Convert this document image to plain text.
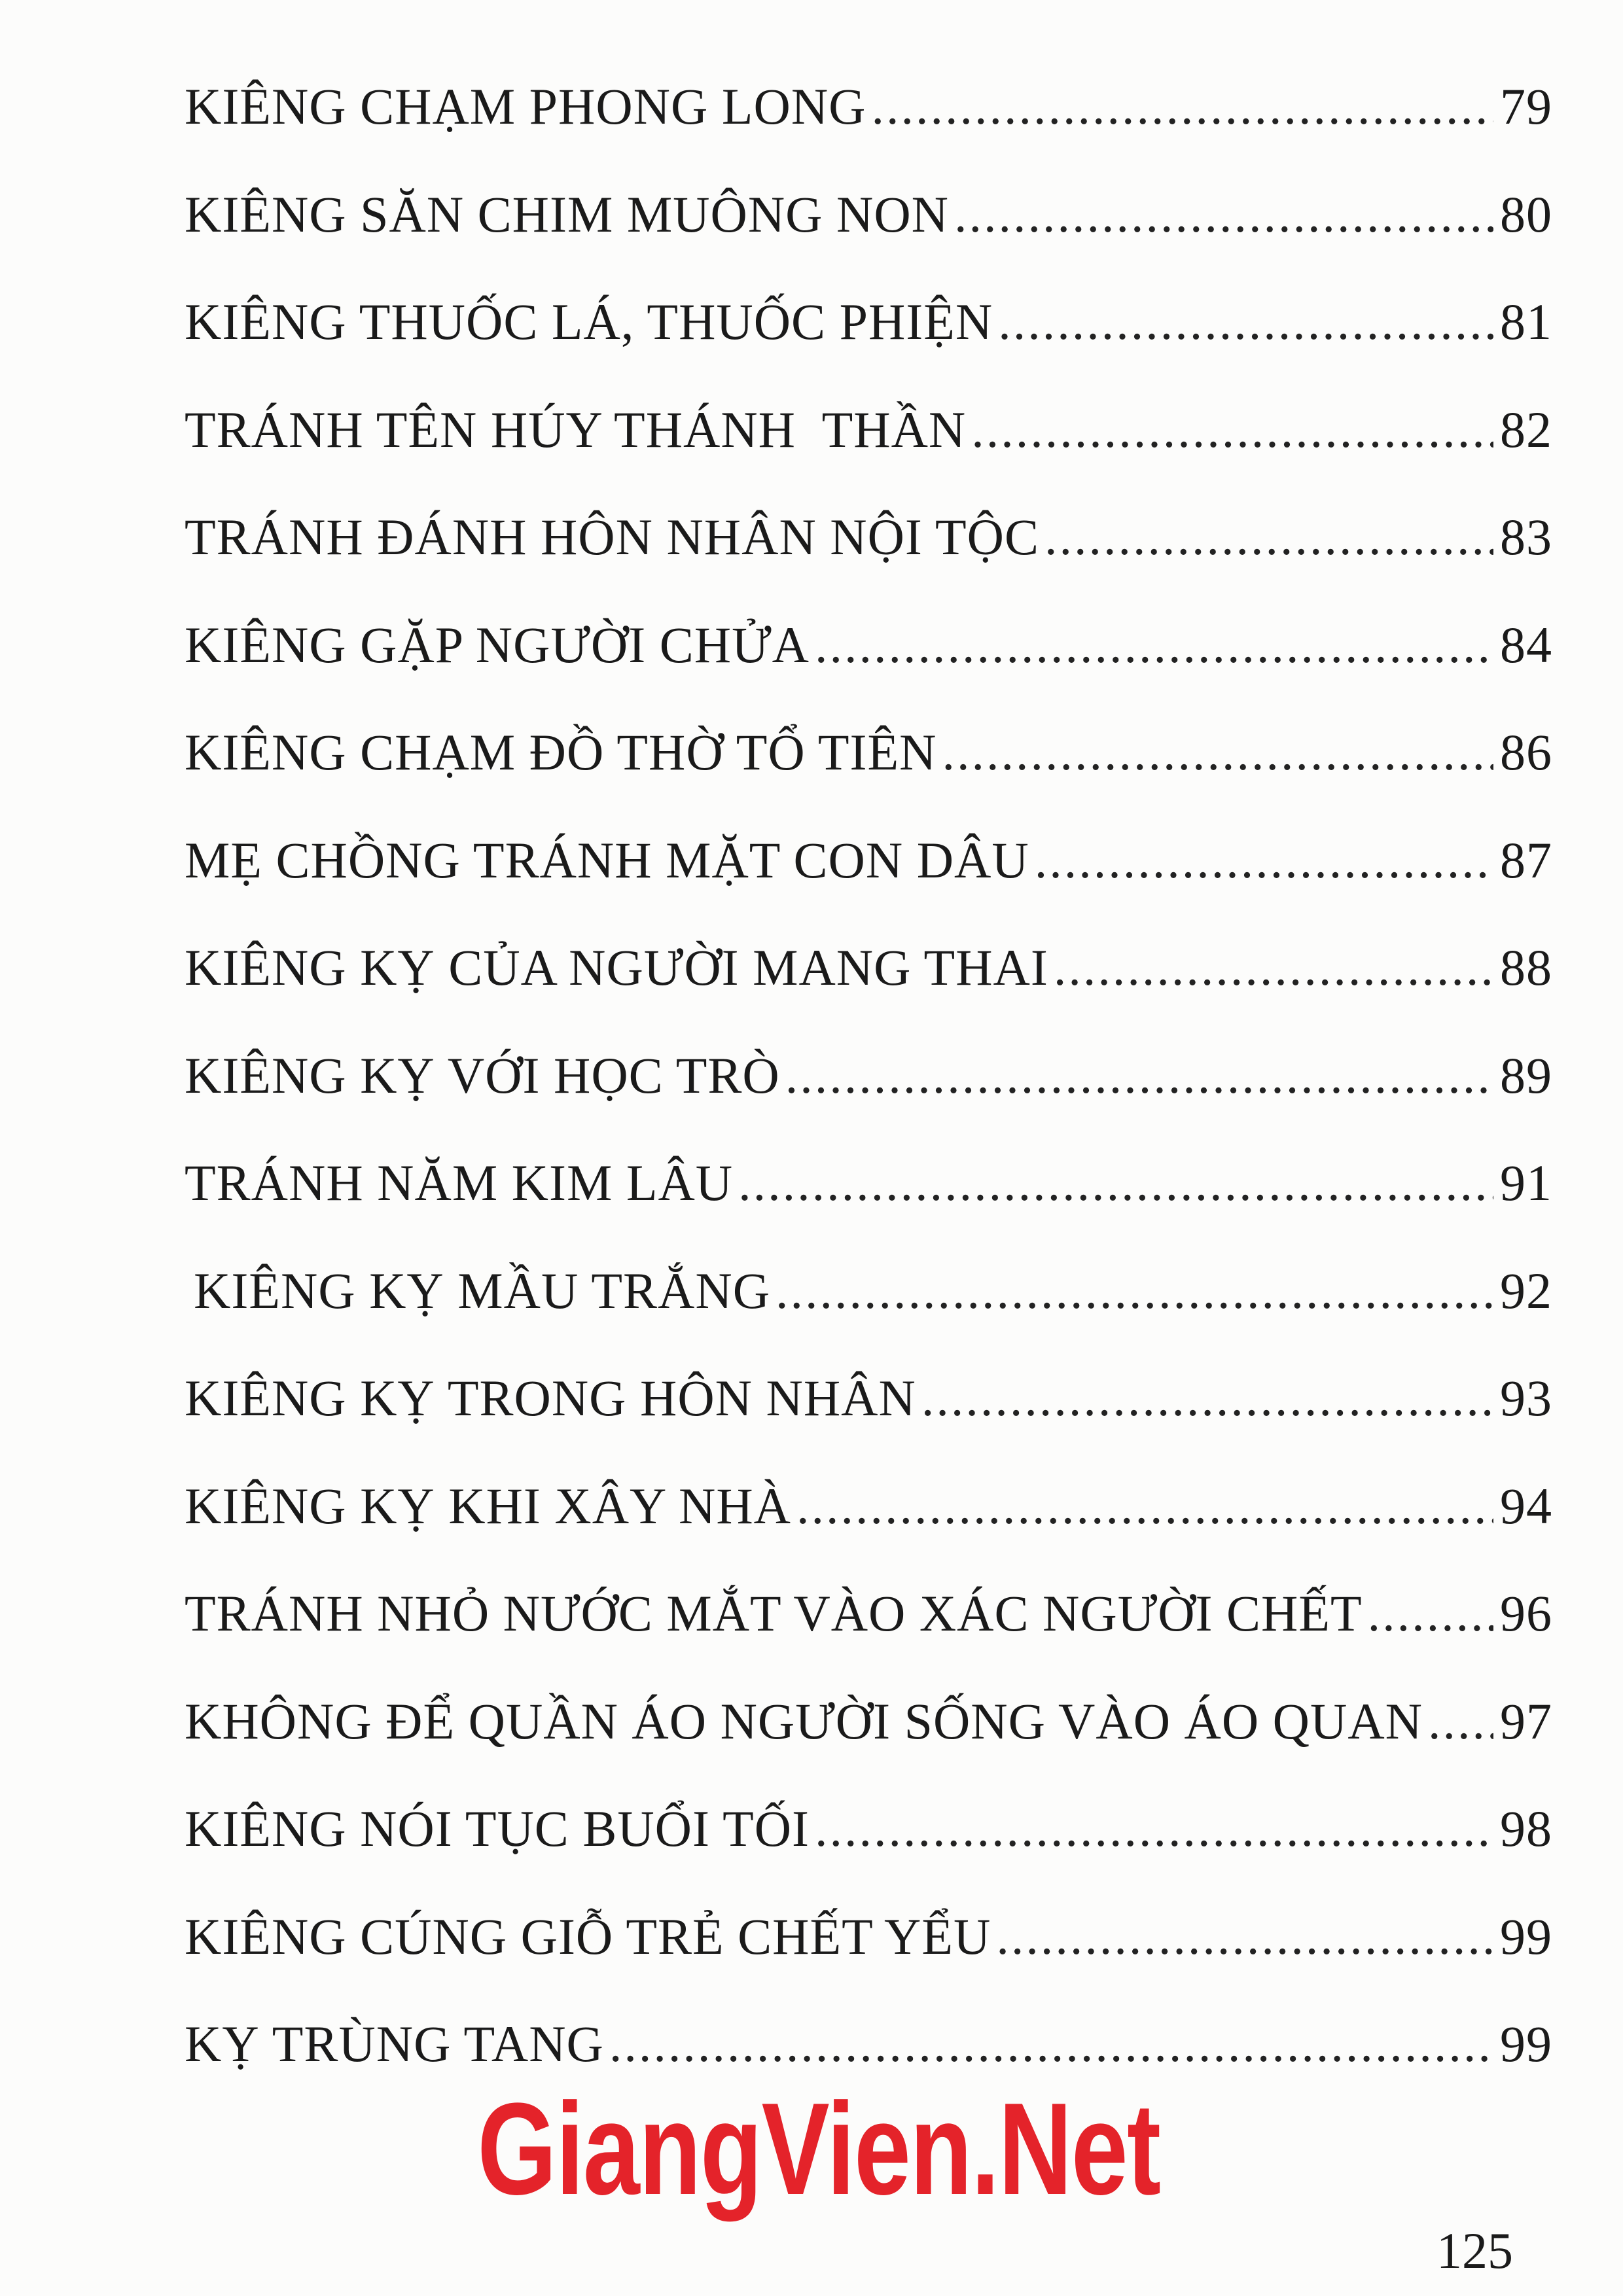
KIÊNG CHẠM PHONG LONG .....	79
KIÊNG SĂN CHIM MUÔNG NON .....	80
KIÊNG THUỐC LÁ, THUỐC PHIỆN .....	81
TRÁNH TÊN HÚY THÁNH  THẦN .....	82
TRÁNH ĐÁNH HÔN NHÂN NỘI TỘC .....	83
KIÊNG GẶP NGƯỜI CHỬA .....	84
KIÊNG CHẠM ĐỒ THỜ TỔ TIÊN .....	86
MẸ CHỒNG TRÁNH MẶT CON DÂU .....	87
KIÊNG KỴ CỦA NGƯỜI MANG THAI .....	88
KIÊNG KỴ VỚI HỌC TRÒ .....	89
TRÁNH NĂM KIM LÂU .....	91
KIÊNG KỴ MẦU TRẮNG .....	92
KIÊNG KỴ TRONG HÔN NHÂN .....	93
KIÊNG KỴ KHI XÂY NHÀ .....	94
TRÁNH NHỎ NƯỚC MẮT VÀO XÁC NGƯỜI CHẾT .....	96
KHÔNG ĐỂ QUẦN ÁO NGƯỜI SỐNG VÀO ÁO QUAN ..... 97
KIÊNG NÓI TỤC BUỔI TỐI .....	98
KIÊNG CÚNG GIỖ TRẺ CHẾT YỂU .....	99
KỴ TRÙNG TANG .....	99
GiangVien.Net
125
